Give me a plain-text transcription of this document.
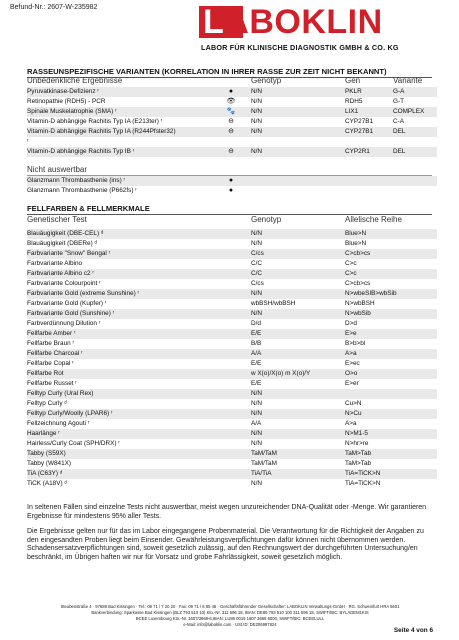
Befund-Nr.: 2607-W-235982	LABOKLIN
LABOR FÜR KLINISCHE DIAGNOSTIK GMBH & CO. KG
RASSEUNSPEZIFISCHE VARIANTEN (KORRELATION IN IHRER RASSE ZUR ZEIT NICHT BEKANNT)
Unbedenkliche Ergebnisse	Genotyp	Gen	Variante
Pyruvatkinase-Defizienz ʳ	●	N/N	PKLR	G-A
Retinopathie (RDH5) - PCR	👁	N/N	RDH5	G-T
Spinale Muskelatrophie (SMA) ʳ	🐾	N/N	LIX1	COMPLEX
Vitamin-D abhängige Rachitis Typ IA (E213ter) ʳ	⊖	N/N	CYP27B1	C-A
Vitamin-D abhängige Rachitis Typ IA (R244Pfster32)	⊖	N/N	CYP27B1	DEL
ʳ
Vitamin-D abhängige Rachitis Typ IB ʳ	⊖	N/N	CYP2R1	DEL
Nicht auswertbar
Glanzmann Thrombasthenie (ins) ʳ	●
Glanzmann Thrombasthenie (P662fs) ʳ	●
FELLFARBEN & FELLMERKMALE
Genetischer Test	Genotyp	Allelische Reihe
Blauäugigkeit (DBE-CEL) ᵈ	N/N	Blue>N
Blauäugigkeit (DBERe) ᵈ	N/N	Blue>N
Farbvariante "Snow" Bengal ʳ	C/cs	C>cb>cs
Farbvariante Albino	C/C	C>c
Farbvariante Albino c2 ʳ	C/C	C>c
Farbvariante Colourpoint ʳ	C/cs	C>cb>cs
Farbvariante Gold (extreme Sunshine) ʳ	N/N	N>wbeSIB>wbSib
Farbvariante Gold (Kupfer) ʳ	wbBSH/wbBSH	N>wbBSH
Farbvariante Gold (Sunshine) ʳ	N/N	N>wbSib
Farbverdünnung Dilution ʳ	D/d	D>d
Fellfarbe Amber ʳ	E/E	E>e
Fellfarbe Braun ʳ	B/B	B>b>bl
Fellfarbe Charcoal ʳ	A/A	A>a
Fellfarbe Copal ʳ	E/E	E>ec
Fellfarbe Rot	w X(o)/X(o) m X(o)/Y	O>o
Fellfarbe Russet ʳ	E/E	E>er
Felltyp Curly (Ural Rex)	N/N
Felltyp Curly ᵈ	N/N	Cu>N
Felltyp Curly/Woolly (LPAR6) ʳ	N/N	N>Cu
Fellzeichnung Agouti ʳ	A/A	A>a
Haarlänge ʳ	N/N	N>M1-5
Hairless/Curly Coat (SPH/DRX) ʳ	N/N	N>hr>re
Tabby (S59X)	TaM/TaM	TaM>Tab
Tabby (W841X)	TaM/TaM	TaM>Tab
TiA (C63Y) ᵈ	TiA/TiA	TiA=TiCK>N
TiCK (A18V) ᵈ	N/N	TiA=TiCK>N
In seltenen Fällen sind einzelne Tests nicht auswertbar, meist wegen unzureichender DNA-Qualität oder -Menge. Wir garantieren Ergebnisse für mindestens 95% aller Tests.
Die Ergebnisse gelten nur für das im Labor eingegangene Probenmaterial. Die Verantwortung für die Richtigkeit der Angaben zu den eingesandten Proben liegt beim Einsender. Gewährleistungsverpflichtungen dafür können nicht übernommen werden. Schadensersatzverpflichtungen sind, soweit gesetzlich zulässig, auf den Rechnungswert der durchgeführten Untersuchung/en beschränkt, im Übrigen haften wir nur für Vorsatz und grobe Fahrlässigkeit, soweit gesetzlich möglich.
Steubenstraße 4 · 97688 Bad Kissingen · Tel.: 09 71 / 7 20 20 · Fax: 09 71 / 6 85 46 · Geschäftsführender Gesellschafter: LABOKLIN Verwaltungs-GmbH · RG. Schweinfurt HRA 5601
Bankverbindung: Sparkasse Bad Kissingen (BLZ 793 510 10) Kto.-Nr. 311 596 18, IBAN: DE89 793 510 100 311 596 18, SWIFT/BIC: BYLADEM1KIS
BCEE Luxembourg Kto.-Nr. 1607/3668-6,IBAN: LU86 0019 1607 3668 6000, SWIFT/BIC: BCEELULL
e-Mail: info@laboklin.com · USt.ID: DE206997824
Seite 4 von 6
